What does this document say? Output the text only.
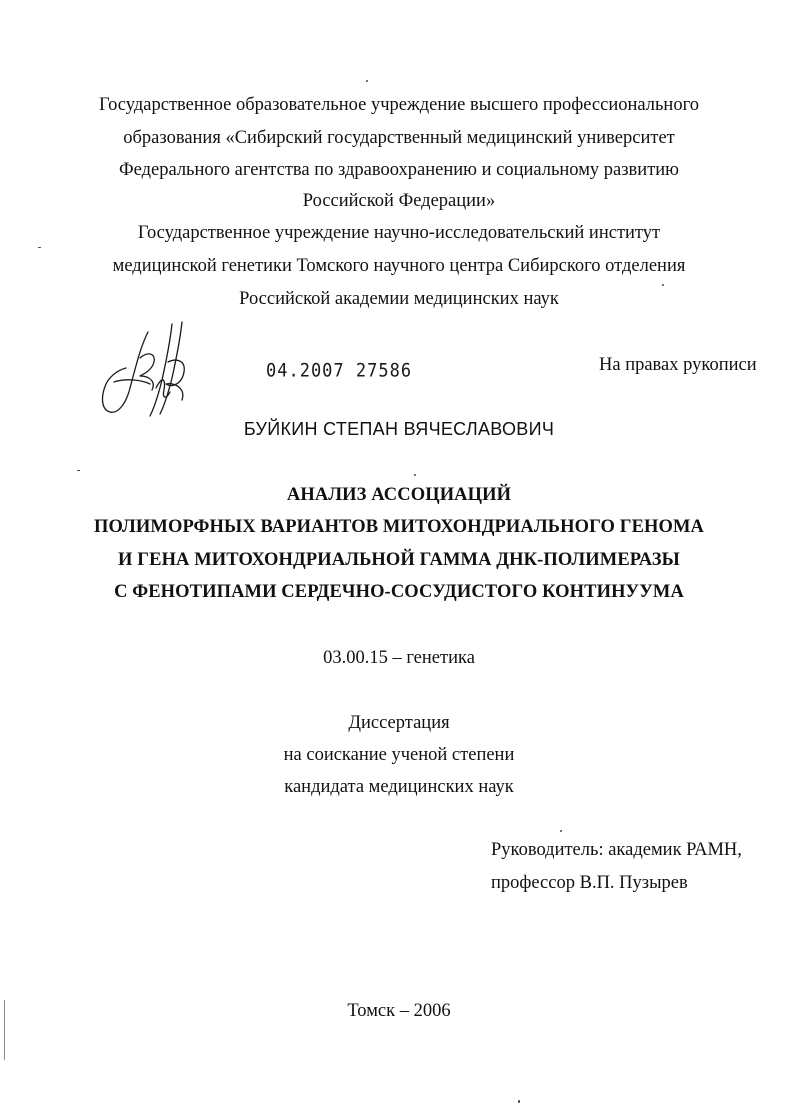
Государственное образовательное учреждение высшего профессионального
образования «Сибирский государственный медицинский университет
Федерального агентства по здравоохранению и социальному развитию
Российской Федерации»
Государственное учреждение научно-исследовательский институт
медицинской генетики Томского научного центра Сибирского отделения
Российской академии медицинских наук
04.2007 27586	На правах рукописи
БУЙКИН СТЕПАН ВЯЧЕСЛАВОВИЧ
АНАЛИЗ АССОЦИАЦИЙ
ПОЛИМОРФНЫХ ВАРИАНТОВ МИТОХОНДРИАЛЬНОГО ГЕНОМА
И ГЕНА МИТОХОНДРИАЛЬНОЙ ГАММА ДНК-ПОЛИМЕРАЗЫ
С ФЕНОТИПАМИ СЕРДЕЧНО-СОСУДИСТОГО КОНТИНУУМА
03.00.15 – генетика
Диссертация
на соискание ученой степени
кандидата медицинских наук
Руководитель: академик РАМН,
профессор В.П. Пузырев
Томск – 2006
